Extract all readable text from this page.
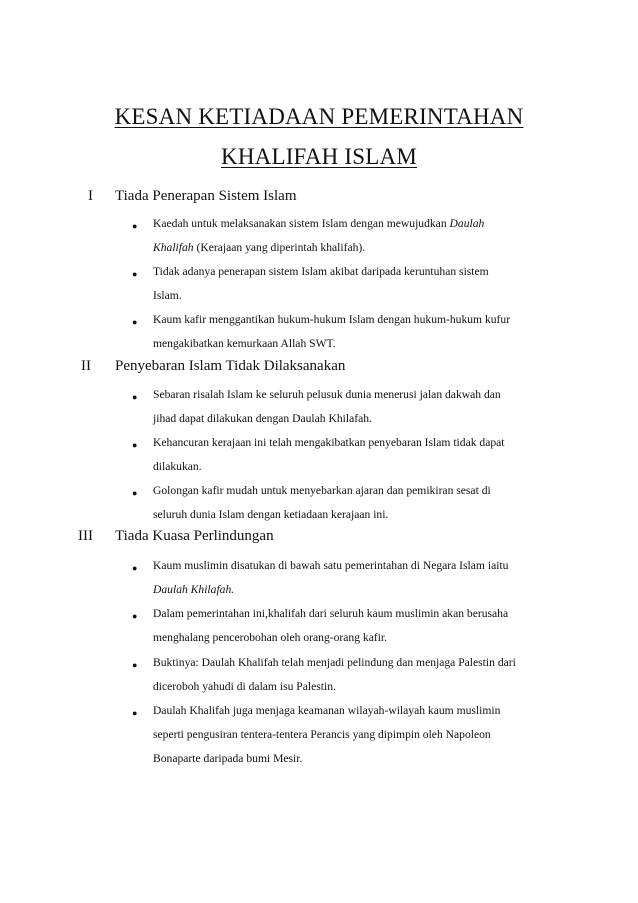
KESAN KETIADAAN PEMERINTAHAN
KHALIFAH ISLAM
I Tiada Penerapan Sistem Islam
● Kaedah untuk melaksanakan sistem Islam dengan mewujudkan Daulah
Khalifah (Kerajaan yang diperintah khalifah).
● Tidak adanya penerapan sistem Islam akibat daripada keruntuhan sistem
Islam.
● Kaum kafir menggantikan hukum-hukum Islam dengan hukum-hukum kufur
mengakibatkan kemurkaan Allah SWT.
II Penyebaran Islam Tidak Dilaksanakan
● Sebaran risalah Islam ke seluruh pelusuk dunia menerusi jalan dakwah dan
jihad dapat dilakukan dengan Daulah Khilafah.
● Kehancuran kerajaan ini telah mengakibatkan penyebaran Islam tidak dapat
dilakukan.
● Golongan kafir mudah untuk menyebarkan ajaran dan pemikiran sesat di
seluruh dunia Islam dengan ketiadaan kerajaan ini.
III Tiada Kuasa Perlindungan
● Kaum muslimin disatukan di bawah satu pemerintahan di Negara Islam iaitu
Daulah Khilafah.
● Dalam pemerintahan ini,khalifah dari seluruh kaum muslimin akan berusaha
menghalang pencerobohan oleh orang-orang kafir.
● Buktinya: Daulah Khalifah telah menjadi pelindung dan menjaga Palestin dari
diceroboh yahudi di dalam isu Palestin.
● Daulah Khalifah juga menjaga keamanan wilayah-wilayah kaum muslimin
seperti pengusiran tentera-tentera Perancis yang dipimpin oleh Napoleon
Bonaparte daripada bumi Mesir.
